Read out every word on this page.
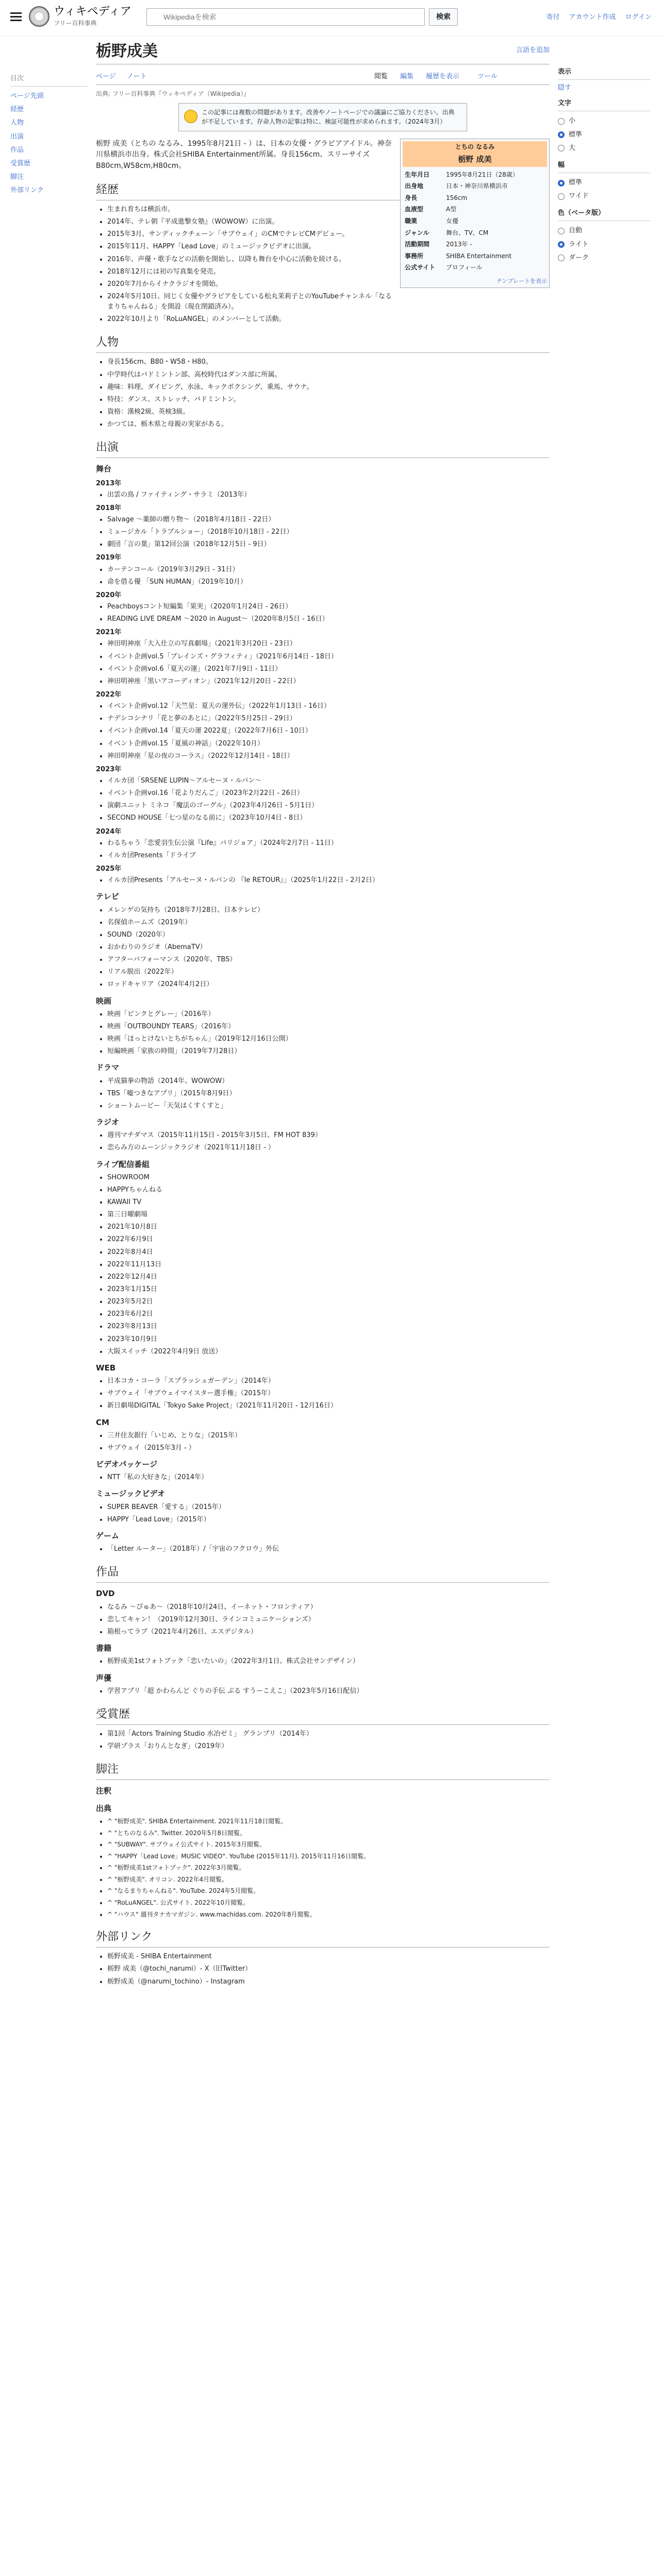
ウィキペディア
フリー百科事典
Wikipediaを検索
検索	寄付 アカウント作成 ログイン
目次
ページ先頭
経歴
人物
出演
作品
受賞歴
脚注
外部リンク
表示
隠す
文字
小
標準
大
幅
標準
ワイド
色（ベータ版）
自動
ライト
ダーク
栃野成美	言語を追加
ページ ノート	閲覧 編集 履歴を表示	ツール
出典: フリー百科事典『ウィキペディア（Wikipedia）』
この記事には複数の問題があります。改善やノートページでの議論にご協力ください。出典が不足しています。存命人物の記事は特に、検証可能性が求められます。（2024年3月）
とちの なるみ
栃野 成美
生年月日	1995年8月21日（28歳）
出身地	日本・神奈川県横浜市
身長	156cm
血液型	A型
職業	女優
ジャンル	舞台、TV、CM
活動期間	2013年 -
事務所	SHIBA Entertainment
公式サイト	プロフィール
テンプレートを表示

栃野 成美（とちの なるみ、1995年8月21日 - ）は、日本の女優・グラビアアイドル。神奈川県横浜市出身。株式会社SHIBA Entertainment所属。身長156cm、スリーサイズB80cm,W58cm,H80cm。

経歴
• 生まれ育ちは横浜市。
• 2014年、テレ朝『平成進撃女塾』（WOWOW）に出演。
• 2015年3月、サンディックチェーン「サブウェイ」のCMでテレビCMデビュー。
• 2015年11月、HAPPY「Lead Love」のミュージックビデオに出演。
• 2016年、声優・歌手などの活動を開始し、以降も舞台を中心に活動を続ける。
• 2018年12月には初の写真集を発売。
• 2020年7月からイナクラジオを開始。
• 2024年5月10日、同じく女優やグラビアをしている松丸茉莉子とのYouTubeチャンネル「なるまりちゃんねる」を開設（現在閉鎖済み）。
• 2022年10月より「RoLuANGEL」のメンバーとして活動。
人物
• 身長156cm、B80・W58・H80。
• 中学時代はバドミントン部、高校時代はダンス部に所属。
• 趣味：料理、ダイビング、水泳、キックボクシング、乗馬、サウナ。
• 特技：ダンス、ストレッチ、バドミントン。
• 資格：漢検2級、英検3級。
• かつては、栃木県と母親の実家がある。
出演
舞台
2013年
• 出雲の鳥 / ファイティング・サラミ（2013年）
2018年
• Salvage ～薬師の贈り物～（2018年4月18日 - 22日）
• ミュージカル「トラブルショー」（2018年10月18日 - 22日）
• 劇団「言の葉」第12回公演（2018年12月5日 - 9日）
2019年
• カーテンコール（2019年3月29日 - 31日）
• 命を借る優 「SUN HUMAN」（2019年10月）
2020年
• Peachboysコント短編集「果実」（2020年1月24日 - 26日）
• READING LIVE DREAM ～2020 in August～（2020年8月5日 - 16日）
2021年
• 神田明神座「大入仕立の写真劇場」（2021年3月20日 - 23日）
• イベント企画vol.5「ブレインズ・グラフィティ」（2021年6月14日 - 18日）
• イベント企画vol.6「夏天の運」（2021年7月9日 - 11日）
• 神田明神座「黒いアコーディオン」（2021年12月20日 - 22日）
2022年
• イベント企画vol.12「天竺星：夏天の運外伝」（2022年1月13日 - 16日）
• ナデシコシナリ「花と夢のあとに」（2022年5月25日 - 29日）
• イベント企画vol.14「夏天の運 2022夏」（2022年7月6日 - 10日）
• イベント企画vol.15「夏風の神話」（2022年10月）
• 神田明神座「星の夜のコーラス」（2022年12月14日 - 18日）
2023年
• イルカ団「SRSENE LUPIN～アルセーヌ・ルパン～
• イベント企画vol.16「花よりだんご」（2023年2月22日 - 26日）
• 演劇ユニット ミネコ「魔法のゴーグル」（2023年4月26日 - 5月1日）
• SECOND HOUSE「七つ星のなる前に」（2023年10月4日 - 8日）
2024年
• わるちゃう「恋愛羽生伝公演『Life』パリジョア」（2024年2月7日 - 11日）
• イルカ団Presents「ドライブ
2025年
• イルカ団Presents「アルセーヌ・ルパンの 『le RETOUR』」（2025年1月22日 - 2月2日）
テレビ
• メレンゲの気持ち（2018年7月28日、日本テレビ）
• 名探偵ホームズ（2019年）
• SOUND（2020年）
• おかわりのラジオ（AbemaTV）
• アフターパフォーマンス（2020年、TBS）
• リアル脱出（2022年）
• ロッドキャリア（2024年4月2日）
映画
• 映画「ピンクとグレー」（2016年）
• 映画「OUTBOUNDY TEARS」（2016年）
• 映画「ほっとけないとちがちゃん」（2019年12月16日公開）
• 短編映画「家族の時間」（2019年7月28日）
ドラマ
• 平成猫拳の物語（2014年、WOWOW）
• TBS「嘘つきなアプリ」（2015年8月9日）
• ショートムービー「天気はくすくすと」
ラジオ
• 週刊マチダマス（2015年11月15日 - 2015年3月5日、FM HOT 839）
• 恋らみ方のムーンジックラジオ（2021年11月18日 - ）
ライブ配信番組
• SHOWROOM
• HAPPYちゃんねる
• KAWAII TV
• 第三日曜劇場
• 2021年10月8日
• 2022年6月9日
• 2022年8月4日
• 2022年11月13日
• 2022年12月4日
• 2023年1月15日
• 2023年5月2日
• 2023年6月2日
• 2023年8月13日
• 2023年10月9日
• 大阪スイッチ（2022年4月9日 放送）
WEB
• 日本コカ・コーラ「スプラッシュガーデン」（2014年）
• サブウェイ「サブウェイマイスター選手権」（2015年）
• 新日劇場DIGITAL「Tokyo Sake Project」（2021年11月20日 - 12月16日）
CM
• 三井住友銀行「いじめ、とりな」（2015年）
• サブウェイ（2015年3月 - ）
ビデオパッケージ
• NTT「私の大好きな」（2014年）
ミュージックビデオ
• SUPER BEAVER「愛する」（2015年）
• HAPPY「Lead Love」（2015年）
ゲーム
• 「Letter ルーター」（2018年）/「宇宙のフクロウ」外伝
作品
DVD
• なるみ ～ぴゅあ～（2018年10月24日、イーネット・フロンティア）
• 恋してキャン！（2019年12月30日、ラインコミュニケーションズ）
• 箱根ってラブ（2021年4月26日、エスデジタル）
書籍
• 栃野成美1stフォトブック「恋いたいの」（2022年3月1日、株式会社サンデザイン）
声優
• 学習アプリ「超 かわらんど ぐりの手伝 ぶる すうーこえこ」（2023年5月16日配信）
受賞歴
• 第1回「Actors Training Studio 水冶ゼミ」 グランプリ（2014年）
• 学研プラス「おりんとなぎ」（2019年）
脚注
注釈
出典
• ^ "栃野成美". SHIBA Entertainment. 2021年11月18日閲覧。
• ^ "とちのなるみ". Twitter. 2020年5月8日閲覧。
• ^ "SUBWAY". サブウェイ公式サイト. 2015年3月閲覧。
• ^ "HAPPY「Lead Love」MUSIC VIDEO". YouTube (2015年11月). 2015年11月16日閲覧。
• ^ "栃野成美1stフォトブック". 2022年3月閲覧。
• ^ "栃野成美". オリコン. 2022年4月閲覧。
• ^ "なるまりちゃんねる". YouTube. 2024年5月閲覧。
• ^ "RoLuANGEL". 公式サイト. 2022年10月閲覧。
• ^ "ハウス" 週刊タナカマガジン. www.machidas.com. 2020年8月閲覧。
外部リンク
• 栃野成美 - SHIBA Entertainment
• 栃野 成美（@tochi_narumi）- X（旧Twitter）
• 栃野成美（@narumi_tochino）- Instagram
